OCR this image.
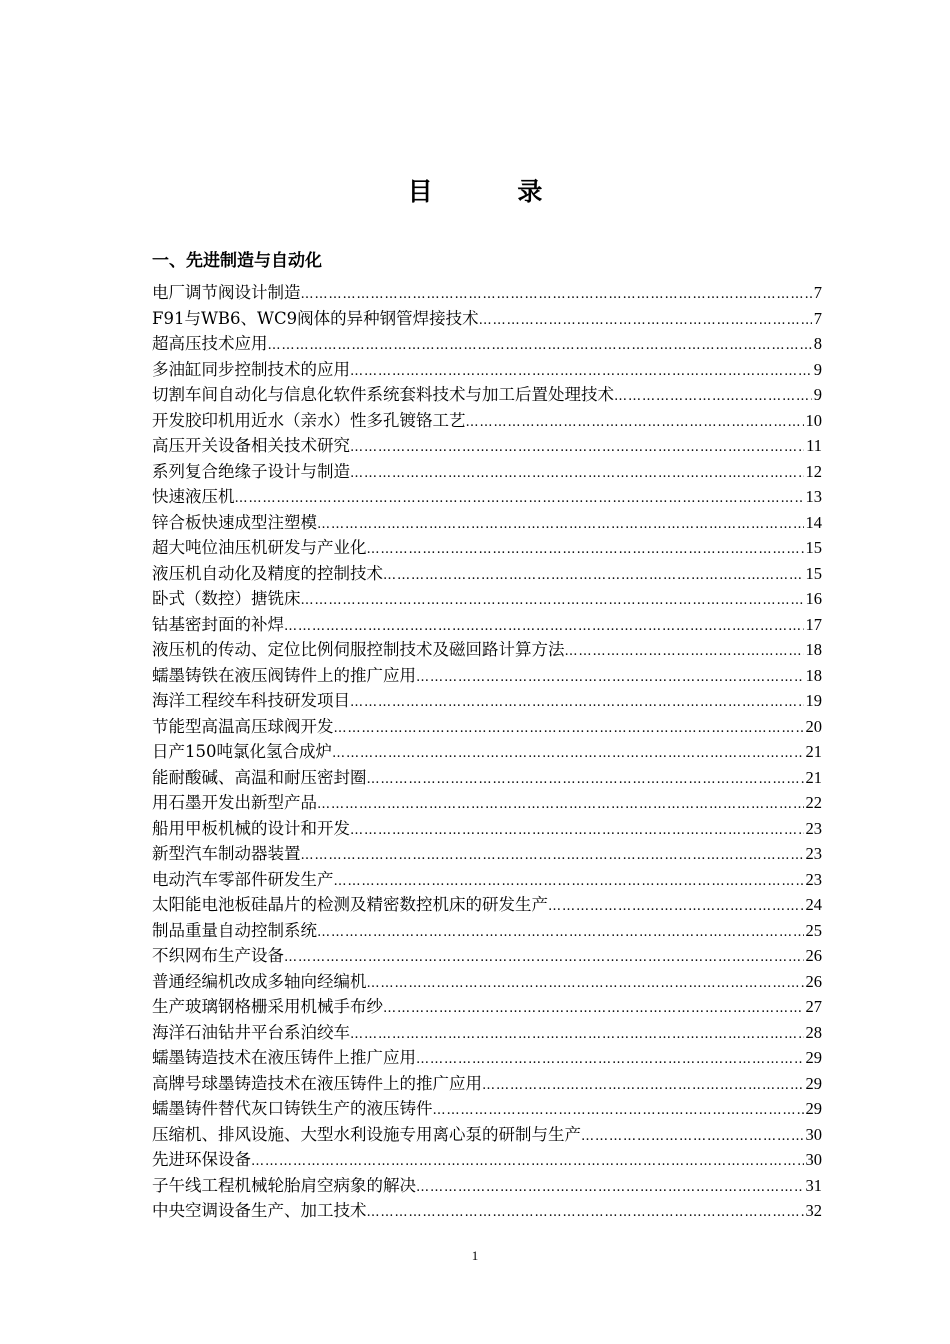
目 录
一、先进制造与自动化
电厂调节阀设计制造 ……………………………………………………………………………………………………………………………………………………………………………………………………	7
F91与WB6、WC9阀体的异种钢管焊接技术 ……………………………………………………………………………………………………………………………………………………………………………………………………	7
超高压技术应用 ……………………………………………………………………………………………………………………………………………………………………………………………………	8
多油缸同步控制技术的应用 ……………………………………………………………………………………………………………………………………………………………………………………………………	9
切割车间自动化与信息化软件系统套料技术与加工后置处理技术 ……………………………………………………………………………………………………………………………………………………………………………………………………	9
开发胶印机用近水（亲水）性多孔镀铬工艺 ……………………………………………………………………………………………………………………………………………………………………………………………………	10
高压开关设备相关技术研究 ……………………………………………………………………………………………………………………………………………………………………………………………………	11
系列复合绝缘子设计与制造 ……………………………………………………………………………………………………………………………………………………………………………………………………	12
快速液压机 ……………………………………………………………………………………………………………………………………………………………………………………………………	13
锌合板快速成型注塑模 ……………………………………………………………………………………………………………………………………………………………………………………………………	14
超大吨位油压机研发与产业化 ……………………………………………………………………………………………………………………………………………………………………………………………………	15
液压机自动化及精度的控制技术 ……………………………………………………………………………………………………………………………………………………………………………………………………	15
卧式（数控）搪铣床 ……………………………………………………………………………………………………………………………………………………………………………………………………	16
钴基密封面的补焊 ……………………………………………………………………………………………………………………………………………………………………………………………………	17
液压机的传动、定位比例伺服控制技术及磁回路计算方法 ……………………………………………………………………………………………………………………………………………………………………………………………………	18
蠕墨铸铁在液压阀铸件上的推广应用 ……………………………………………………………………………………………………………………………………………………………………………………………………	18
海洋工程绞车科技研发项目 ……………………………………………………………………………………………………………………………………………………………………………………………………	19
节能型高温高压球阀开发 ……………………………………………………………………………………………………………………………………………………………………………………………………	20
日产150吨氯化氢合成炉 ……………………………………………………………………………………………………………………………………………………………………………………………………	21
能耐酸碱、高温和耐压密封圈 ……………………………………………………………………………………………………………………………………………………………………………………………………	21
用石墨开发出新型产品 ……………………………………………………………………………………………………………………………………………………………………………………………………	22
船用甲板机械的设计和开发 ……………………………………………………………………………………………………………………………………………………………………………………………………	23
新型汽车制动器装置 ……………………………………………………………………………………………………………………………………………………………………………………………………	23
电动汽车零部件研发生产 ……………………………………………………………………………………………………………………………………………………………………………………………………	23
太阳能电池板硅晶片的检测及精密数控机床的研发生产 ……………………………………………………………………………………………………………………………………………………………………………………………………	24
制品重量自动控制系统 ……………………………………………………………………………………………………………………………………………………………………………………………………	25
不织网布生产设备 ……………………………………………………………………………………………………………………………………………………………………………………………………	26
普通经编机改成多轴向经编机 ……………………………………………………………………………………………………………………………………………………………………………………………………	26
生产玻璃钢格栅采用机械手布纱 ……………………………………………………………………………………………………………………………………………………………………………………………………	27
海洋石油钻井平台系泊绞车 ……………………………………………………………………………………………………………………………………………………………………………………………………	28
蠕墨铸造技术在液压铸件上推广应用 ……………………………………………………………………………………………………………………………………………………………………………………………………	29
高牌号球墨铸造技术在液压铸件上的推广应用 ……………………………………………………………………………………………………………………………………………………………………………………………………	29
蠕墨铸件替代灰口铸铁生产的液压铸件 ……………………………………………………………………………………………………………………………………………………………………………………………………	29
压缩机、排风设施、大型水利设施专用离心泵的研制与生产 ……………………………………………………………………………………………………………………………………………………………………………………………………	30
先进环保设备 ……………………………………………………………………………………………………………………………………………………………………………………………………	30
子午线工程机械轮胎肩空病象的解决 ……………………………………………………………………………………………………………………………………………………………………………………………………	31
中央空调设备生产、加工技术 ……………………………………………………………………………………………………………………………………………………………………………………………………	32
1
